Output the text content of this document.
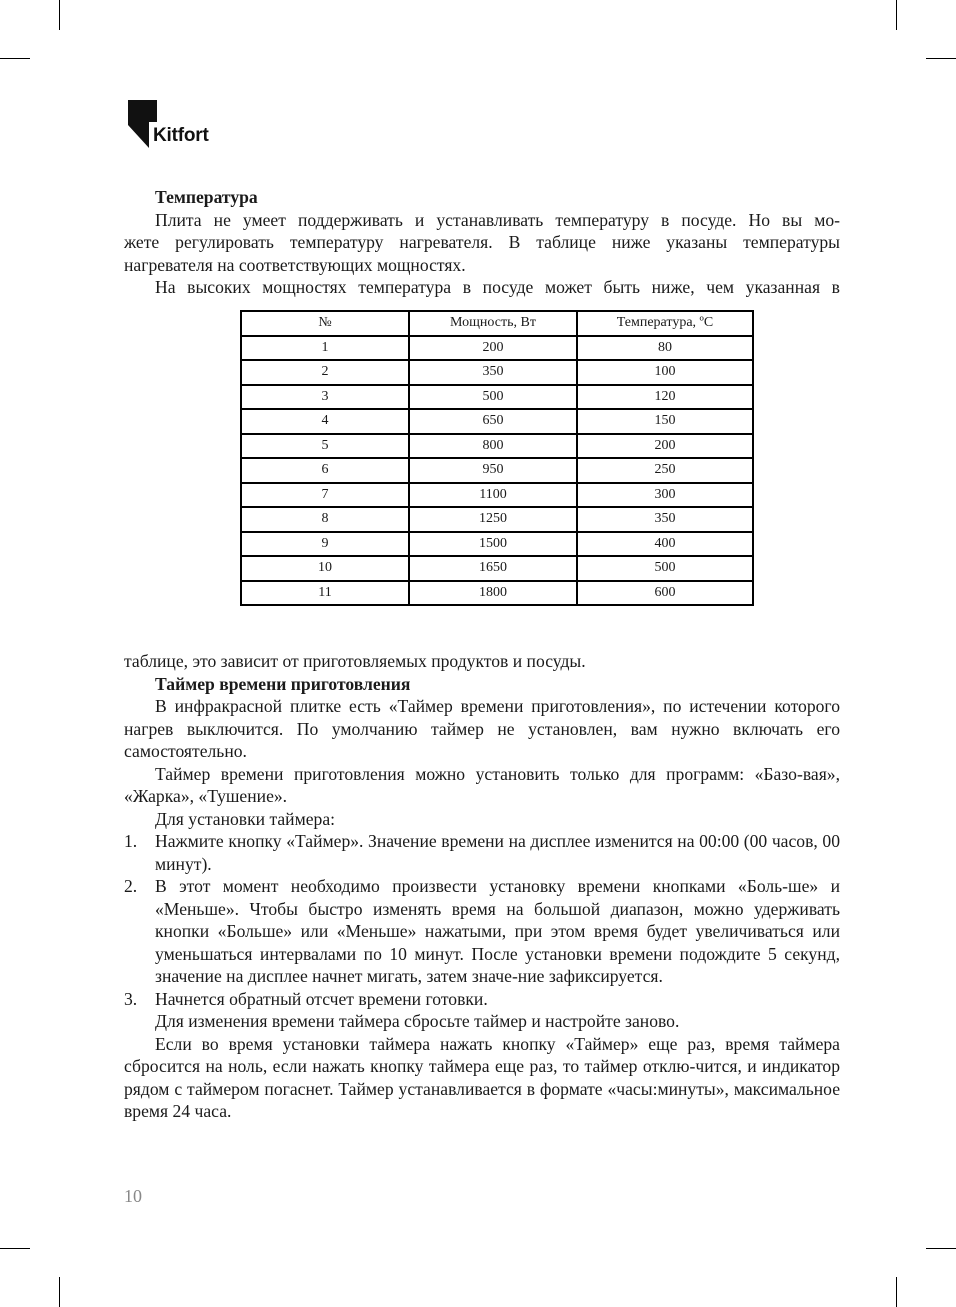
Kitfort

Температура

Плита не умеет поддерживать и устанавливать температуру в посуде. Но вы мо-

жете регулировать температуру нагревателя. В таблице ниже указаны температуры

нагревателя на соответствующих мощностях.

На высоких мощностях температура в посуде может быть ниже, чем указанная в

№	Мощность, Вт	Температура, ºС
1	200	80
2	350	100
3	500	120
4	650	150
5	800	200
6	950	250
7	1100	300
8	1250	350
9	1500	400
10	1650	500
11	1800	600

таблице, это зависит от приготовляемых продуктов и посуды.

Таймер времени приготовления

В инфракрасной плитке есть «Таймер времени приготовления», по истечении которого нагрев выключится. По умолчанию таймер не установлен, вам нужно включать его самостоятельно.

Таймер времени приготовления можно установить только для программ: «Базо-вая», «Жарка», «Тушение».

Для установки таймера:

1. Нажмите кнопку «Таймер». Значение времени на дисплее изменится на 00:00 (00 часов, 00 минут).
2. В этот момент необходимо произвести установку времени кнопками «Боль-ше» и «Меньше». Чтобы быстро изменять время на большой диапазон, можно удерживать кнопки «Больше» или «Меньше» нажатыми, при этом время будет увеличиваться или уменьшаться интервалами по 10 минут. После установки времени подождите 5 секунд, значение на дисплее начнет мигать, затем значе-ние зафиксируется.
3. Начнется обратный отсчет времени готовки.

Для изменения времени таймера сбросьте таймер и настройте заново.

Если во время установки таймера нажать кнопку «Таймер» еще раз, время таймера сбросится на ноль, если нажать кнопку таймера еще раз, то таймер отклю-чится, и индикатор рядом с таймером погаснет. Таймер устанавливается в формате «часы:минуты», максимальное время 24 часа.

10
